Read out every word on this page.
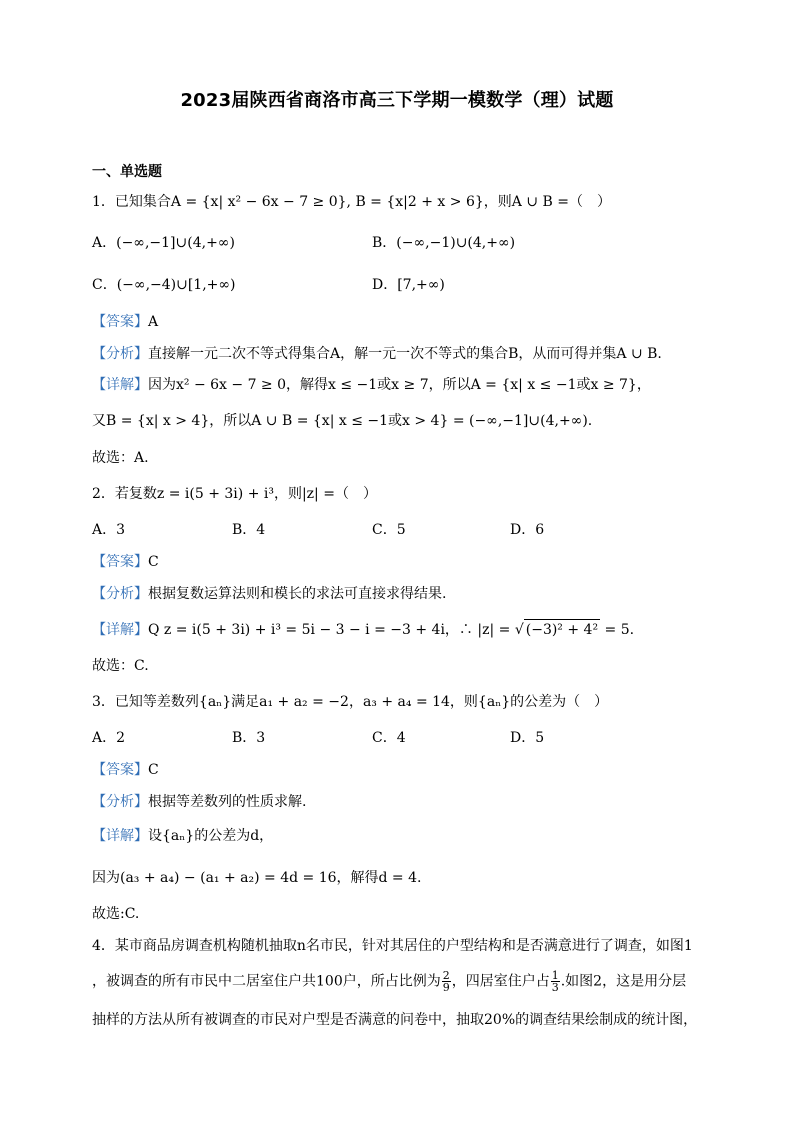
2023届陕西省商洛市高三下学期一模数学（理）试题
一、单选题
1．已知集合A = {x| x² − 6x − 7 ≥ 0}, B = {x|2 + x > 6}，则A ∪ B =（　）
A．(−∞,−1]∪(4,+∞)	B．(−∞,−1)∪(4,+∞)
C．(−∞,−4)∪[1,+∞)	D．[7,+∞)
【答案】A
【分析】直接解一元二次不等式得集合A，解一元一次不等式的集合B，从而可得并集A ∪ B.
【详解】因为x² − 6x − 7 ≥ 0，解得x ≤ −1或x ≥ 7，所以A = {x| x ≤ −1或x ≥ 7}，
又B = {x| x > 4}，所以A ∪ B = {x| x ≤ −1或x > 4} = (−∞,−1]∪(4,+∞).
故选：A.
2．若复数z = i(5 + 3i) + i³，则|z| =（　）
A．3	B．4	C．5	D．6
【答案】C
【分析】根据复数运算法则和模长的求法可直接求得结果.
【详解】Q z = i(5 + 3i) + i³ = 5i − 3 − i = −3 + 4i，∴ |z| = √ (−3)² + 4² = 5.
故选：C.
3．已知等差数列{aₙ}满足a₁ + a₂ = −2，a₃ + a₄ = 14，则{aₙ}的公差为（　）
A．2	B．3	C．4	D．5
【答案】C
【分析】根据等差数列的性质求解.
【详解】设{aₙ}的公差为d，
因为(a₃ + a₄) − (a₁ + a₂) = 4d = 16，解得d = 4.
故选:C.
4．某市商品房调查机构随机抽取n名市民，针对其居住的户型结构和是否满意进行了调查，如图1
，被调查的所有市民中二居室住户共100户，所占比例为 $\frac{2}{9}$ ，四居室住户占 $\frac{1}{3}$ .如图2，这是用分层
抽样的方法从所有被调查的市民对户型是否满意的问卷中，抽取20%的调查结果绘制成的统计图，
